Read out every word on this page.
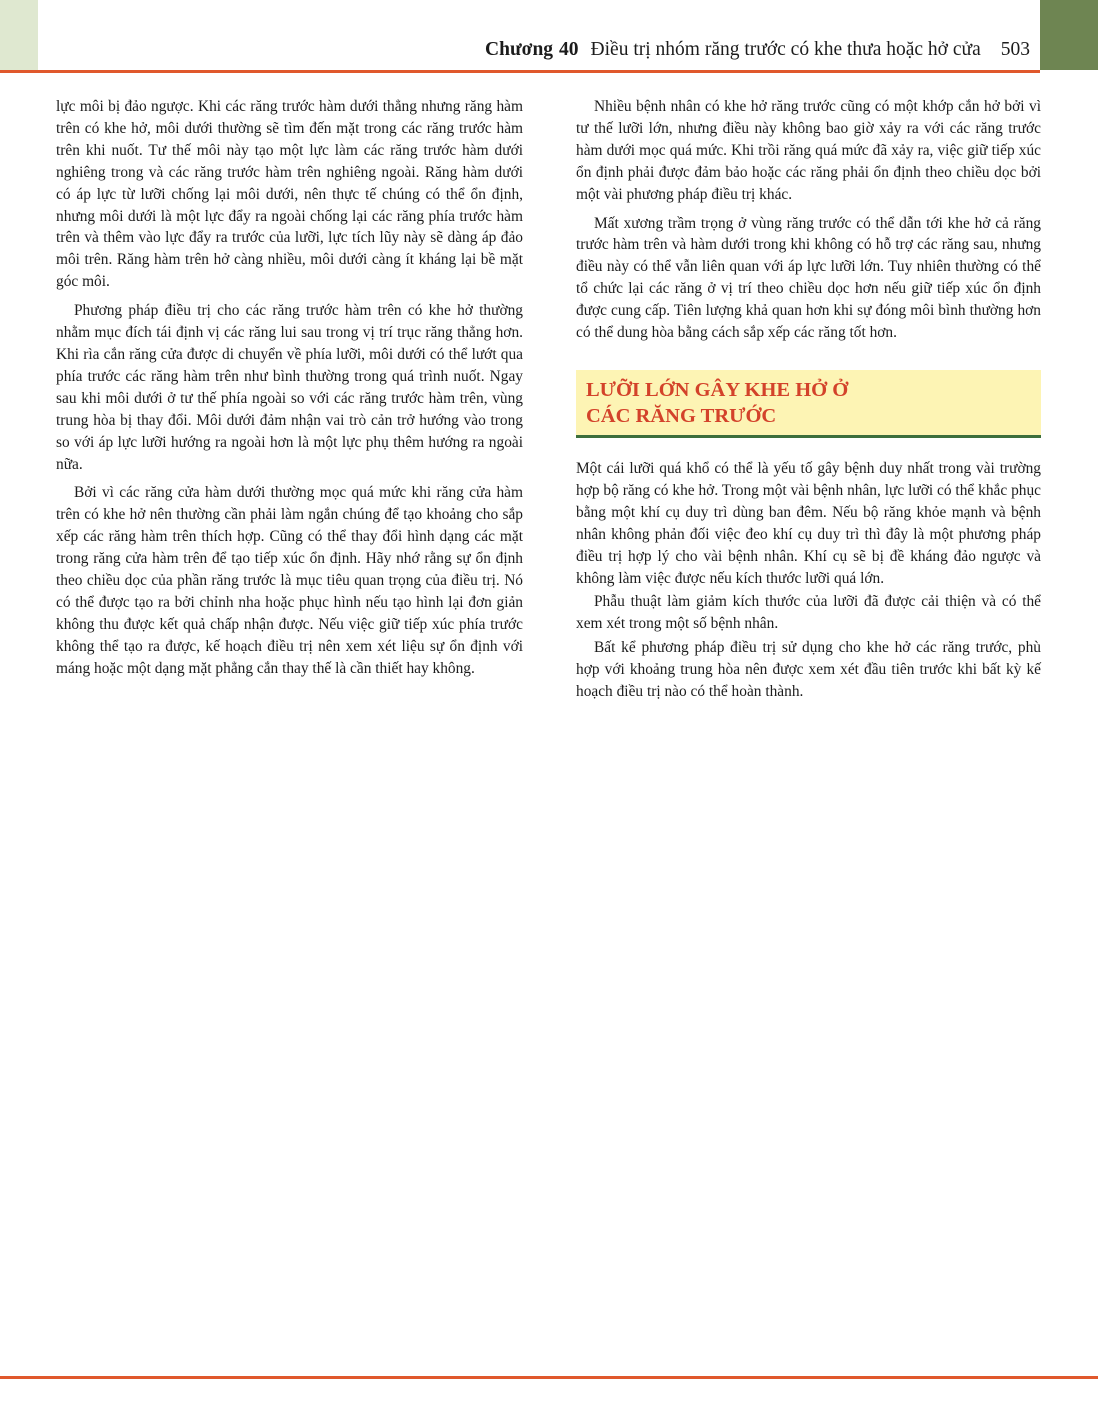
Chương 40 Điều trị nhóm răng trước có khe thưa hoặc hở cửa 503

lực môi bị đảo ngược. Khi các răng trước hàm dưới thẳng nhưng răng hàm trên có khe hở, môi dưới thường sẽ tìm đến mặt trong các răng trước hàm trên khi nuốt. Tư thế môi này tạo một lực làm các răng trước hàm dưới nghiêng trong và các răng trước hàm trên nghiêng ngoài. Răng hàm dưới có áp lực từ lưỡi chống lại môi dưới, nên thực tế chúng có thể ổn định, nhưng môi dưới là một lực đẩy ra ngoài chống lại các răng phía trước hàm trên và thêm vào lực đẩy ra trước của lưỡi, lực tích lũy này sẽ dàng áp đảo môi trên. Răng hàm trên hở càng nhiều, môi dưới càng ít kháng lại bề mặt góc môi.

Phương pháp điều trị cho các răng trước hàm trên có khe hở thường nhằm mục đích tái định vị các răng lui sau trong vị trí trục răng thẳng hơn. Khi rìa cắn răng cửa được di chuyển về phía lưỡi, môi dưới có thể lướt qua phía trước các răng hàm trên như bình thường trong quá trình nuốt. Ngay sau khi môi dưới ở tư thế phía ngoài so với các răng trước hàm trên, vùng trung hòa bị thay đổi. Môi dưới đảm nhận vai trò cản trở hướng vào trong so với áp lực lưỡi hướng ra ngoài hơn là một lực phụ thêm hướng ra ngoài nữa.

Bởi vì các răng cửa hàm dưới thường mọc quá mức khi răng cửa hàm trên có khe hở nên thường cần phải làm ngắn chúng để tạo khoảng cho sắp xếp các răng hàm trên thích hợp. Cũng có thể thay đổi hình dạng các mặt trong răng cửa hàm trên để tạo tiếp xúc ổn định. Hãy nhớ rằng sự ổn định theo chiều dọc của phần răng trước là mục tiêu quan trọng của điều trị. Nó có thể được tạo ra bởi chỉnh nha hoặc phục hình nếu tạo hình lại đơn giản không thu được kết quả chấp nhận được. Nếu việc giữ tiếp xúc phía trước không thể tạo ra được, kế hoạch điều trị nên xem xét liệu sự ổn định với máng hoặc một dạng mặt phẳng cắn thay thế là cần thiết hay không.

Nhiều bệnh nhân có khe hở răng trước cũng có một khớp cắn hở bởi vì tư thế lưỡi lớn, nhưng điều này không bao giờ xảy ra với các răng trước hàm dưới mọc quá mức. Khi trồi răng quá mức đã xảy ra, việc giữ tiếp xúc ổn định phải được đảm bảo hoặc các răng phải ổn định theo chiều dọc bởi một vài phương pháp điều trị khác.

Mất xương trầm trọng ở vùng răng trước có thể dẫn tới khe hở cả răng trước hàm trên và hàm dưới trong khi không có hỗ trợ các răng sau, nhưng điều này có thể vẫn liên quan với áp lực lưỡi lớn. Tuy nhiên thường có thể tổ chức lại các răng ở vị trí theo chiều dọc hơn nếu giữ tiếp xúc ổn định được cung cấp. Tiên lượng khả quan hơn khi sự đóng môi bình thường hơn có thể dung hòa bằng cách sắp xếp các răng tốt hơn.

LƯỠI LỚN GÂY KHE HỞ Ở
CÁC RĂNG TRƯỚC

Một cái lưỡi quá khổ có thể là yếu tố gây bệnh duy nhất trong vài trường hợp bộ răng có khe hở. Trong một vài bệnh nhân, lực lưỡi có thể khắc phục bằng một khí cụ duy trì dùng ban đêm. Nếu bộ răng khỏe mạnh và bệnh nhân không phản đối việc đeo khí cụ duy trì thì đây là một phương pháp điều trị hợp lý cho vài bệnh nhân. Khí cụ sẽ bị đề kháng đảo ngược và không làm việc được nếu kích thước lưỡi quá lớn.

Phẫu thuật làm giảm kích thước của lưỡi đã được cải thiện và có thể xem xét trong một số bệnh nhân.

Bất kể phương pháp điều trị sử dụng cho khe hở các răng trước, phù hợp với khoảng trung hòa nên được xem xét đầu tiên trước khi bất kỳ kế hoạch điều trị nào có thể hoàn thành.
